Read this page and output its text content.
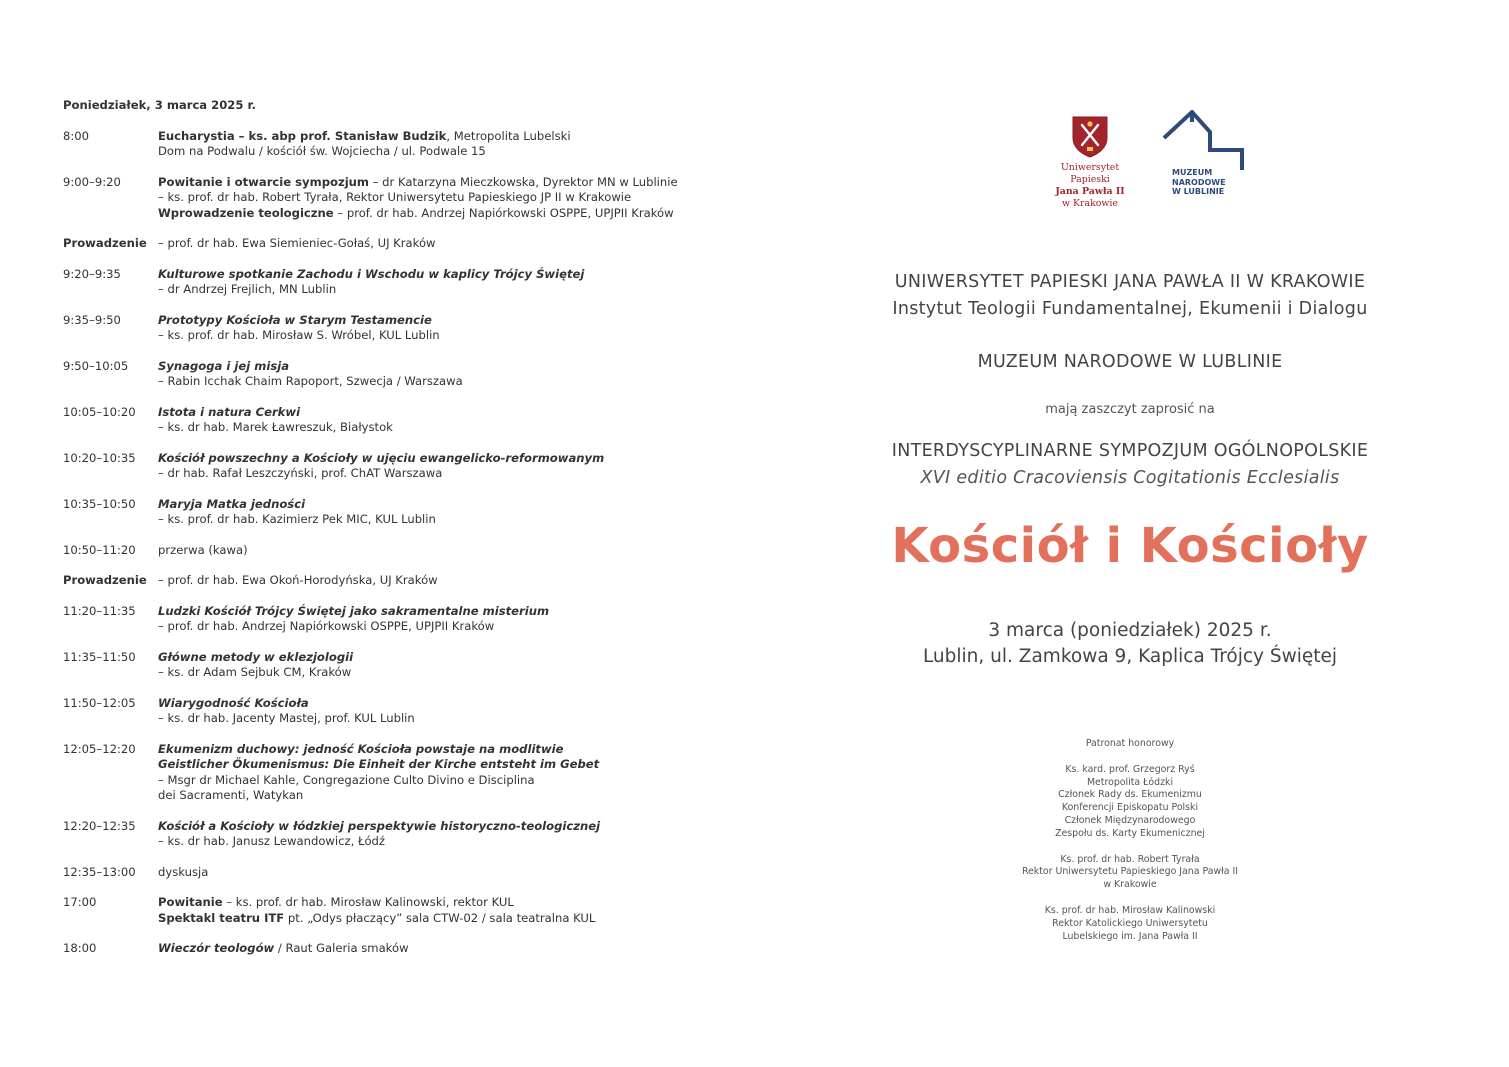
Poniedziałek, 3 marca 2025 r.
8:00	Eucharystia – ks. abp prof. Stanisław Budzik, Metropolita Lubelski
Dom na Podwalu / kościół św. Wojciecha / ul. Podwale 15
9:00–9:20	Powitanie i otwarcie sympozjum – dr Katarzyna Mieczkowska, Dyrektor MN w Lublinie
– ks. prof. dr hab. Robert Tyrała, Rektor Uniwersytetu Papieskiego JP II w Krakowie
Wprowadzenie teologiczne – prof. dr hab. Andrzej Napiórkowski OSPPE, UPJPII Kraków
Prowadzenie – prof. dr hab. Ewa Siemieniec-Gołaś, UJ Kraków
9:20–9:35	Kulturowe spotkanie Zachodu i Wschodu w kaplicy Trójcy Świętej
– dr Andrzej Frejlich, MN Lublin
9:35–9:50	Prototypy Kościoła w Starym Testamencie
– ks. prof. dr hab. Mirosław S. Wróbel, KUL Lublin
9:50–10:05	Synagoga i jej misja
– Rabin Icchak Chaim Rapoport, Szwecja / Warszawa
10:05–10:20	Istota i natura Cerkwi
– ks. dr hab. Marek Ławreszuk, Białystok
10:20–10:35	Kościół powszechny a Kościoły w ujęciu ewangelicko-reformowanym
– dr hab. Rafał Leszczyński, prof. ChAT Warszawa
10:35–10:50	Maryja Matka jedności
– ks. prof. dr hab. Kazimierz Pek MIC, KUL Lublin
10:50–11:20	przerwa (kawa)
Prowadzenie – prof. dr hab. Ewa Okoń-Horodyńska, UJ Kraków
11:20–11:35	Ludzki Kościół Trójcy Świętej jako sakramentalne misterium
– prof. dr hab. Andrzej Napiórkowski OSPPE, UPJPII Kraków
11:35–11:50	Główne metody w eklezjologii
– ks. dr Adam Sejbuk CM, Kraków
11:50–12:05	Wiarygodność Kościoła
– ks. dr hab. Jacenty Mastej, prof. KUL Lublin
12:05–12:20	Ekumenizm duchowy: jedność Kościoła powstaje na modlitwie
Geistlicher Ökumenismus: Die Einheit der Kirche entsteht im Gebet
– Msgr dr Michael Kahle, Congregazione Culto Divino e Disciplina
dei Sacramenti, Watykan
12:20–12:35	Kościół a Kościoły w łódzkiej perspektywie historyczno-teologicznej
– ks. dr hab. Janusz Lewandowicz, Łódź
12:35–13:00	dyskusja
17:00	Powitanie – ks. prof. dr hab. Mirosław Kalinowski, rektor KUL
Spektakl teatru ITF pt. „Odys płaczący” sala CTW-02 / sala teatralna KUL
18:00	Wieczór teologów / Raut Galeria smaków
Uniwersytet Papieski
Jana Pawła II
w Krakowie
MUZEUM
NARODOWE
W LUBLINIE
UNIWERSYTET PAPIESKI JANA PAWŁA II W KRAKOWIE
Instytut Teologii Fundamentalnej, Ekumenii i Dialogu
MUZEUM NARODOWE W LUBLINIE
mają zaszczyt zaprosić na
INTERDYSCYPLINARNE SYMPOZJUM OGÓLNOPOLSKIE
XVI editio Cracoviensis Cogitationis Ecclesialis
Kościół i Kościoły
3 marca (poniedziałek) 2025 r.
Lublin, ul. Zamkowa 9, Kaplica Trójcy Świętej
Patronat honorowy
Ks. kard. prof. Grzegorz Ryś
Metropolita Łódzki
Członek Rady ds. Ekumenizmu
Konferencji Episkopatu Polski
Członek Międzynarodowego
Zespołu ds. Karty Ekumenicznej
Ks. prof. dr hab. Robert Tyrała
Rektor Uniwersytetu Papieskiego Jana Pawła II
w Krakowie
Ks. prof. dr hab. Mirosław Kalinowski
Rektor Katolickiego Uniwersytetu
Lubelskiego im. Jana Pawła II
